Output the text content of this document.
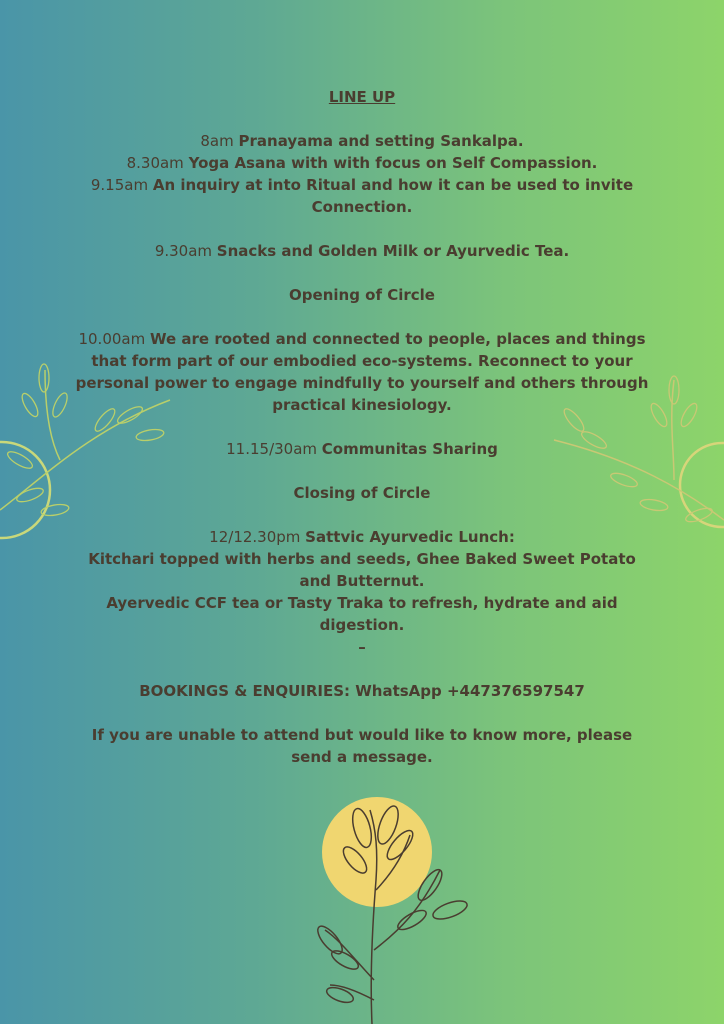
LINE UP

8am Pranayama and setting Sankalpa.

8.30am Yoga Asana with with focus on Self Compassion.

9.15am An inquiry at into Ritual and how it can be used to invite Connection.

9.30am Snacks and Golden Milk or Ayurvedic Tea.

Opening of Circle

10.00am We are rooted and connected to people, places and things that form part of our embodied eco-systems. Reconnect to your personal power to engage mindfully to yourself and others through practical kinesiology.

11.15/30am Communitas Sharing

Closing of Circle

12/12.30pm Sattvic Ayurvedic Lunch:

Kitchari topped with herbs and seeds, Ghee Baked Sweet Potato and Butternut.

Ayervedic CCF tea or Tasty Traka to refresh, hydrate and aid digestion.

–

BOOKINGS & ENQUIRIES: WhatsApp +447376597547

If you are unable to attend but would like to know more, please send a message.
